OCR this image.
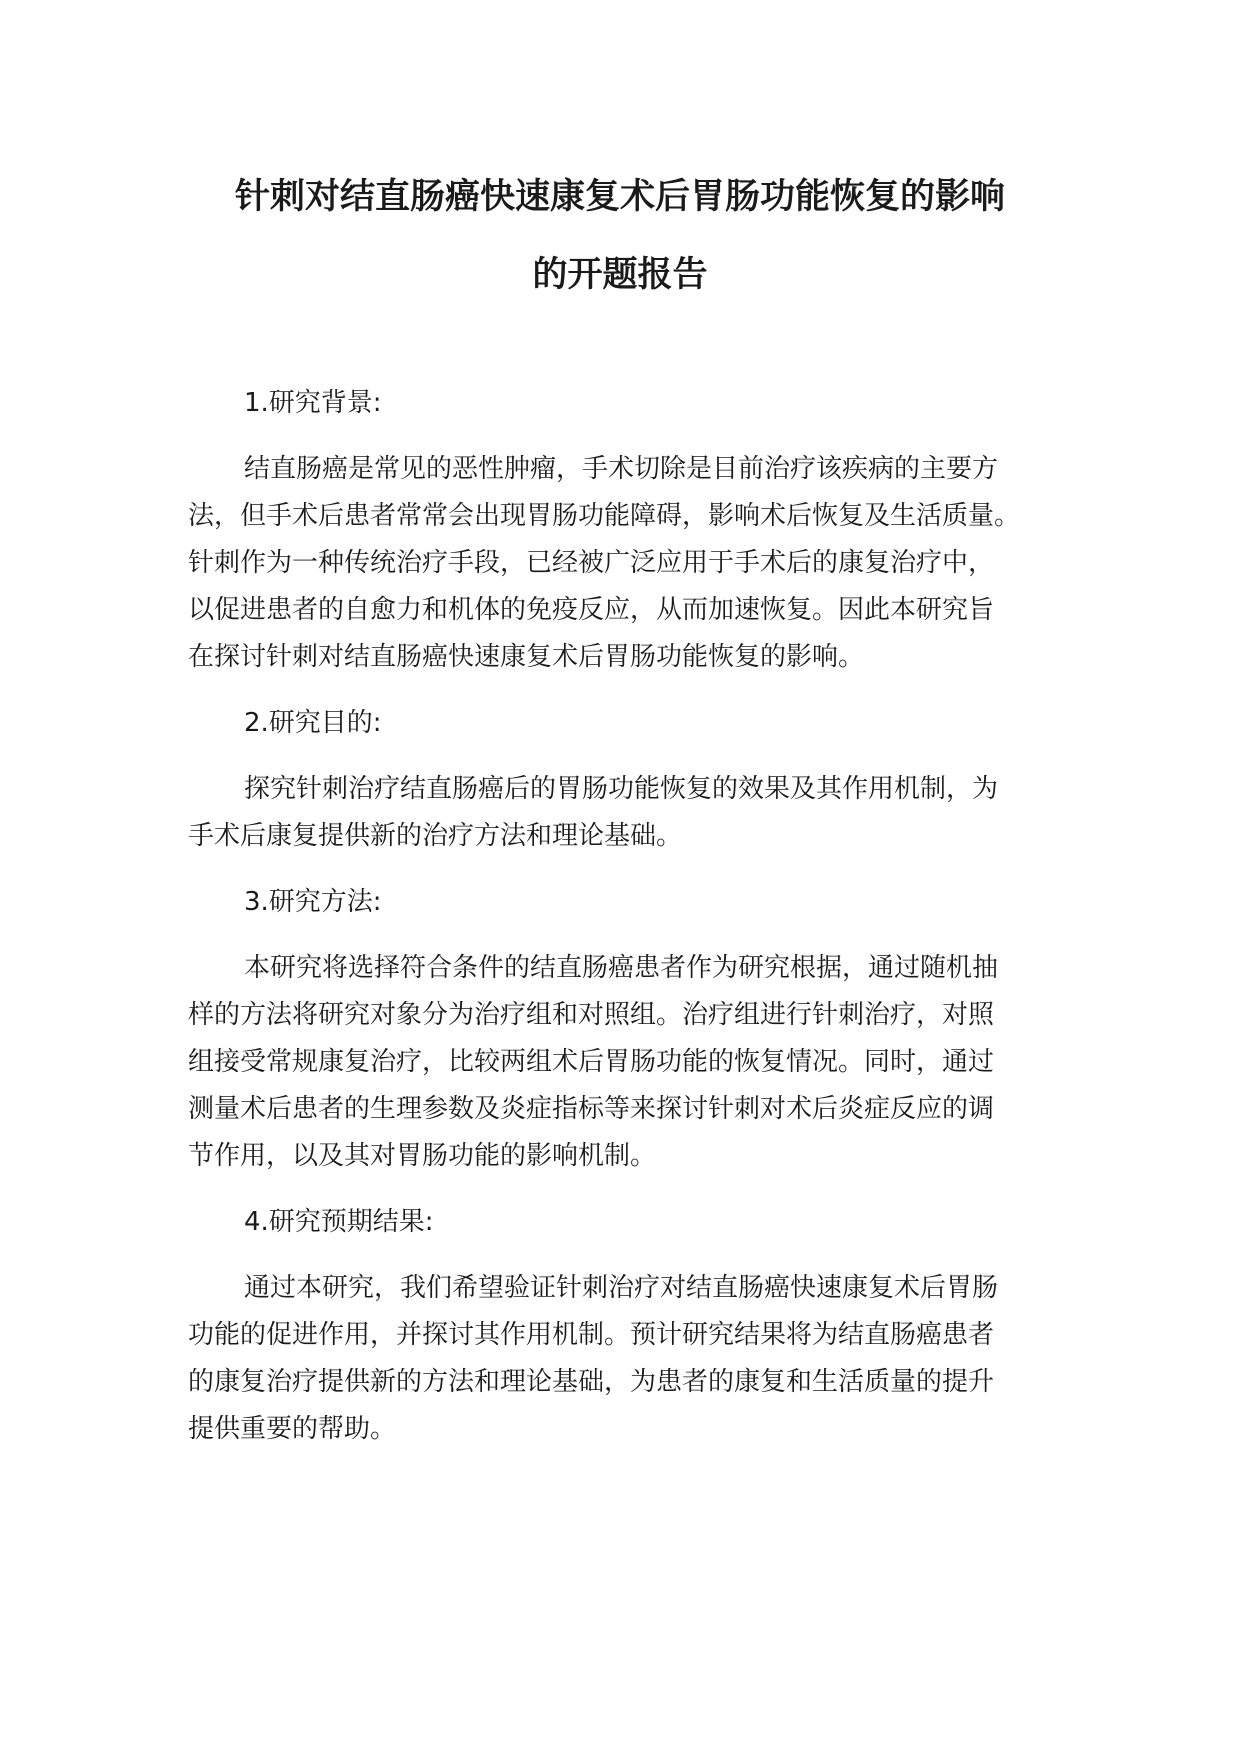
针刺对结直肠癌快速康复术后胃肠功能恢复的影响

的开题报告

1.研究背景:

结直肠癌是常见的恶性肿瘤，手术切除是目前治疗该疾病的主要方
法，但手术后患者常常会出现胃肠功能障碍，影响术后恢复及生活质量。
针刺作为一种传统治疗手段，已经被广泛应用于手术后的康复治疗中，
以促进患者的自愈力和机体的免疫反应，从而加速恢复。因此本研究旨
在探讨针刺对结直肠癌快速康复术后胃肠功能恢复的影响。

2.研究目的:

探究针刺治疗结直肠癌后的胃肠功能恢复的效果及其作用机制，为
手术后康复提供新的治疗方法和理论基础。

3.研究方法:

本研究将选择符合条件的结直肠癌患者作为研究根据，通过随机抽
样的方法将研究对象分为治疗组和对照组。治疗组进行针刺治疗，对照
组接受常规康复治疗，比较两组术后胃肠功能的恢复情况。同时，通过
测量术后患者的生理参数及炎症指标等来探讨针刺对术后炎症反应的调
节作用，以及其对胃肠功能的影响机制。

4.研究预期结果:

通过本研究，我们希望验证针刺治疗对结直肠癌快速康复术后胃肠
功能的促进作用，并探讨其作用机制。预计研究结果将为结直肠癌患者
的康复治疗提供新的方法和理论基础，为患者的康复和生活质量的提升
提供重要的帮助。
